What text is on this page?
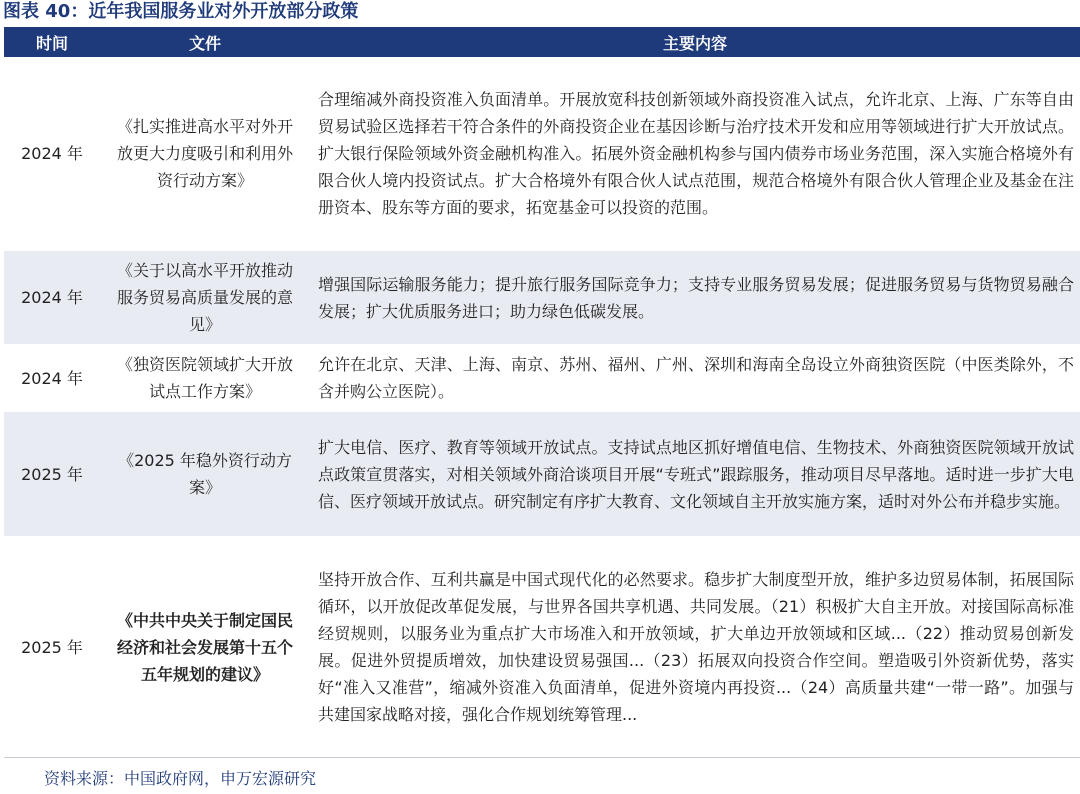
图表 40：近年我国服务业对外开放部分政策
时间	文件	主要内容
2024 年	《扎实推进高水平对外开放更大力度吸引和利用外资行动方案》	合理缩减外商投资准入负面清单。开展放宽科技创新领域外商投资准入试点，允许北京、上海、广东等自由贸易试验区选择若干符合条件的外商投资企业在基因诊断与治疗技术开发和应用等领域进行扩大开放试点。扩大银行保险领域外资金融机构准入。拓展外资金融机构参与国内债券市场业务范围，深入实施合格境外有限合伙人境内投资试点。扩大合格境外有限合伙人试点范围，规范合格境外有限合伙人管理企业及基金在注册资本、股东等方面的要求，拓宽基金可以投资的范围。
2024 年	《关于以高水平开放推动服务贸易高质量发展的意见》	增强国际运输服务能力；提升旅行服务国际竞争力；支持专业服务贸易发展；促进服务贸易与货物贸易融合发展；扩大优质服务进口；助力绿色低碳发展。
2024 年	《独资医院领域扩大开放试点工作方案》	允许在北京、天津、上海、南京、苏州、福州、广州、深圳和海南全岛设立外商独资医院（中医类除外，不含并购公立医院）。
2025 年	《2025 年稳外资行动方案》	扩大电信、医疗、教育等领域开放试点。支持试点地区抓好增值电信、生物技术、外商独资医院领域开放试点政策宣贯落实，对相关领域外商洽谈项目开展“专班式”跟踪服务，推动项目尽早落地。适时进一步扩大电信、医疗领域开放试点。研究制定有序扩大教育、文化领域自主开放实施方案，适时对外公布并稳步实施。
2025 年	《中共中央关于制定国民经济和社会发展第十五个五年规划的建议》	坚持开放合作、互利共赢是中国式现代化的必然要求。稳步扩大制度型开放，维护多边贸易体制，拓展国际循环，以开放促改革促发展，与世界各国共享机遇、共同发展。（21）积极扩大自主开放。对接国际高标准经贸规则，以服务业为重点扩大市场准入和开放领域，扩大单边开放领域和区域...（22）推动贸易创新发展。促进外贸提质增效，加快建设贸易强国...（23）拓展双向投资合作空间。塑造吸引外资新优势，落实好“准入又准营”，缩减外资准入负面清单，促进外资境内再投资...（24）高质量共建“一带一路”。加强与共建国家战略对接，强化合作规划统筹管理...
资料来源：中国政府网，申万宏源研究
